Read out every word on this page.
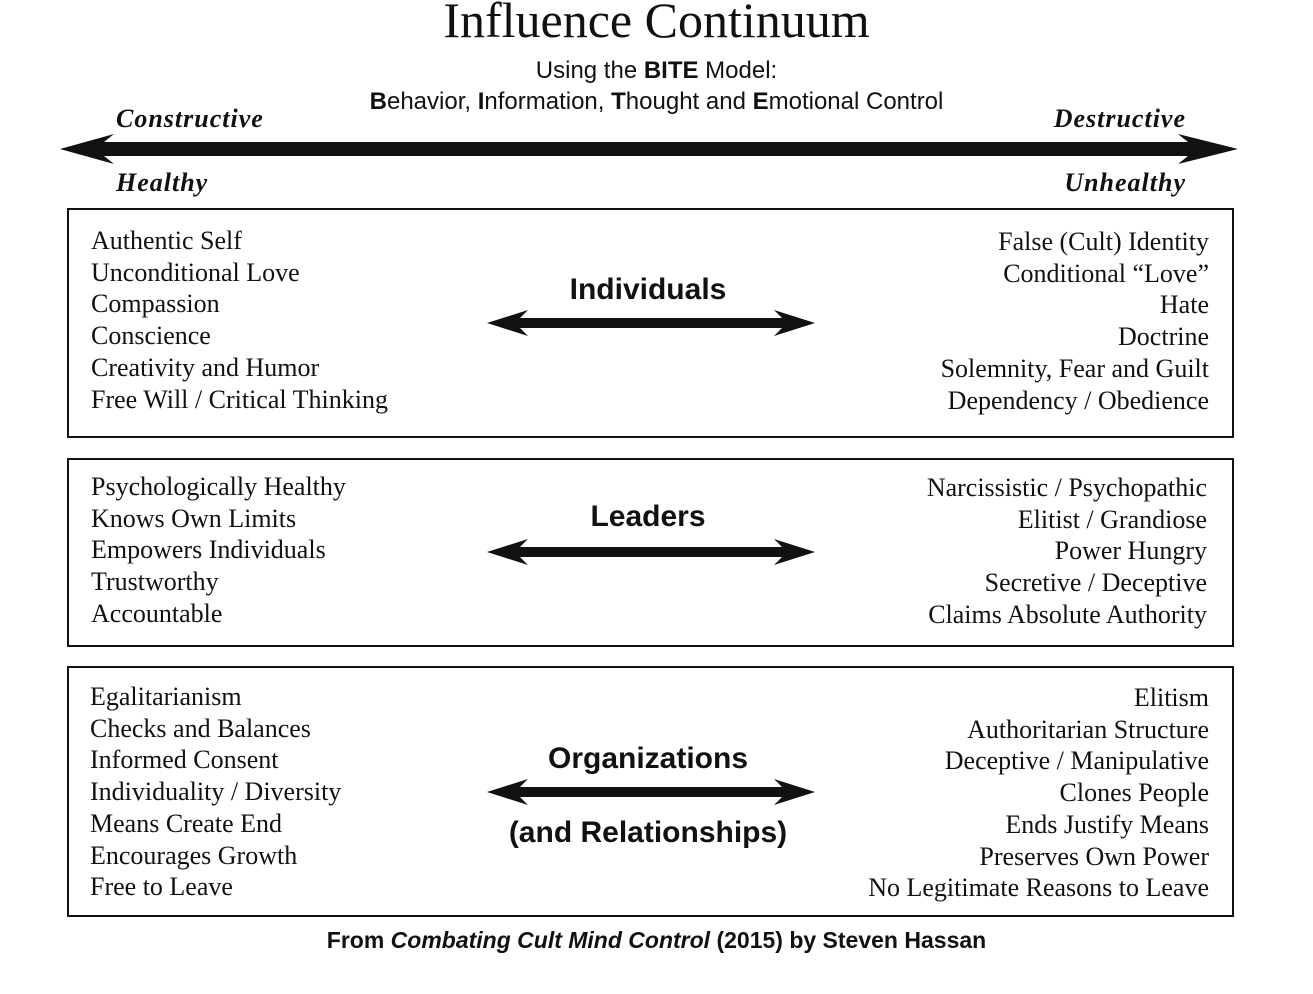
Influence Continuum
Using the BITE Model:
Behavior, Information, Thought and Emotional Control
Constructive
Healthy
Destructive
Unhealthy
Authentic Self
Unconditional Love
Compassion
Conscience
Creativity and Humor
Free Will / Critical Thinking
False (Cult) Identity
Conditional “Love”
Hate
Doctrine
Solemnity, Fear and Guilt
Dependency / Obedience
Individuals
Psychologically Healthy
Knows Own Limits
Empowers Individuals
Trustworthy
Accountable
Narcissistic / Psychopathic
Elitist / Grandiose
Power Hungry
Secretive / Deceptive
Claims Absolute Authority
Leaders
Egalitarianism
Checks and Balances
Informed Consent
Individuality / Diversity
Means Create End
Encourages Growth
Free to Leave
Elitism
Authoritarian Structure
Deceptive / Manipulative
Clones People
Ends Justify Means
Preserves Own Power
No Legitimate Reasons to Leave
Organizations
(and Relationships)
From Combating Cult Mind Control (2015) by Steven Hassan
